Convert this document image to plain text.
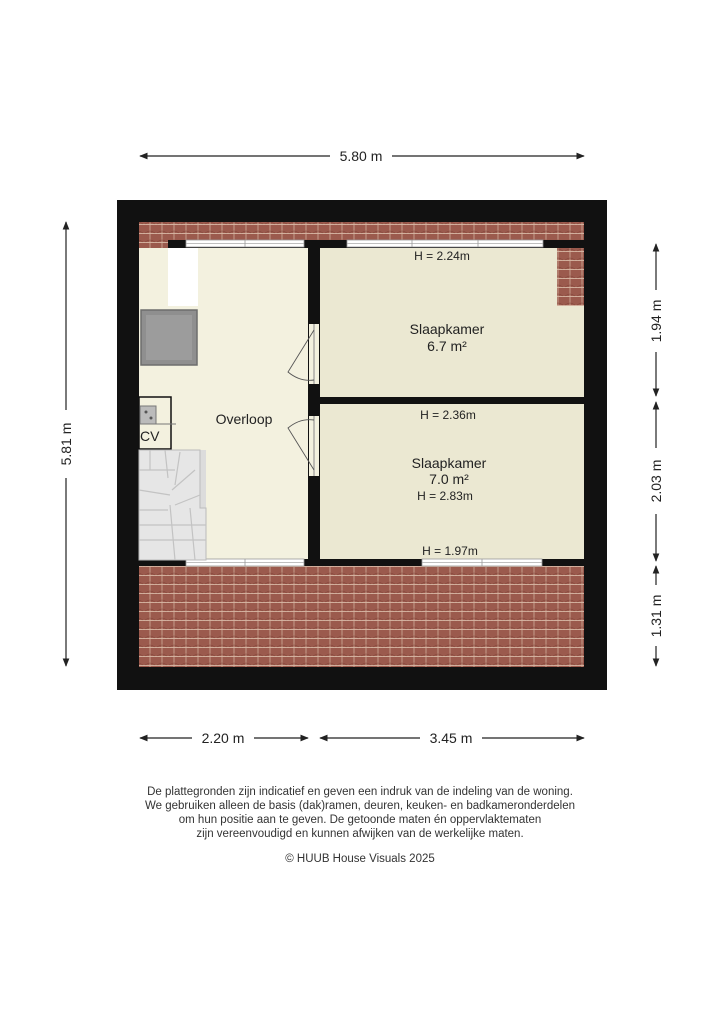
CV
Overloop
H = 2.24m
Slaapkamer
6.7 m²
H = 2.36m
Slaapkamer
7.0 m²
H = 2.83m
H = 1.97m
5.80 m
5.81 m
1.94 m
2.03 m
1.31 m
2.20 m	3.45 m
De plattegronden zijn indicatief en geven een indruk van de indeling van de woning.
We gebruiken alleen de basis (dak)ramen, deuren, keuken- en badkameronderdelen
om hun positie aan te geven. De getoonde maten én oppervlaktematen
zijn vereenvoudigd en kunnen afwijken van de werkelijke maten.
© HUUB House Visuals 2025
